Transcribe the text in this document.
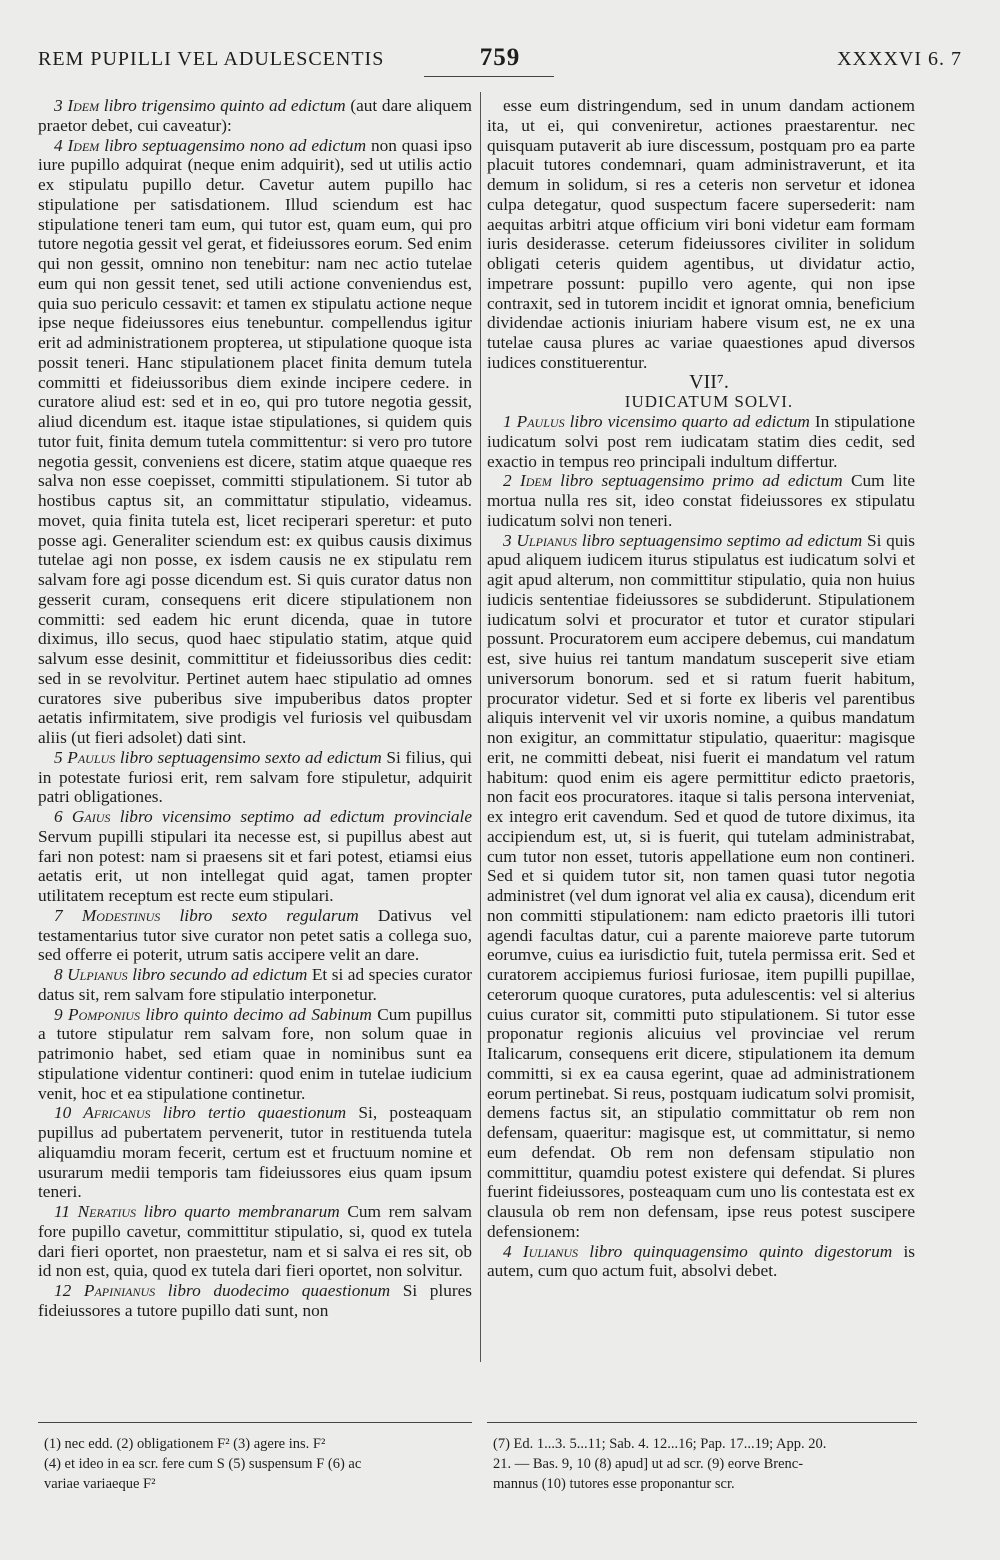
REM PUPILLI VEL ADULESCENTIS	759	XXXXVI 6. 7

3 Idem libro trigensimo quinto ad edictum (aut dare aliquem praetor debet, cui caveatur):

4 Idem libro septuagensimo nono ad edictum non quasi ipso iure pupillo adquirat (neque enim adquirit), sed ut utilis actio ex stipulatu pupillo detur. Cavetur autem pupillo hac stipulatione per satisdationem. Illud sciendum est hac stipulatione teneri tam eum, qui tutor est, quam eum, qui pro tutore negotia gessit vel gerat, et fideiussores eorum. Sed enim qui non gessit, omnino non tenebitur: nam nec actio tutelae eum qui non gessit tenet, sed utili actione conveniendus est, quia suo periculo cessavit: et tamen ex stipulatu actione neque ipse neque fideiussores eius tenebuntur. compellendus igitur erit ad administrationem propterea, ut stipulatione quoque ista possit teneri. Hanc stipulationem placet finita demum tutela committi et fideiussoribus diem exinde incipere cedere. in curatore aliud est: sed et in eo, qui pro tutore negotia gessit, aliud dicendum est. itaque istae stipulationes, si quidem quis tutor fuit, finita demum tutela committentur: si vero pro tutore negotia gessit, conveniens est dicere, statim atque quaeque res salva non esse coepisset, committi stipulationem. Si tutor ab hostibus captus sit, an committatur stipulatio, videamus. movet, quia finita tutela est, licet reciperari speretur: et puto posse agi. Generaliter sciendum est: ex quibus causis diximus tutelae agi non posse, ex isdem causis ne ex stipulatu rem salvam fore agi posse dicendum est. Si quis curator datus non gesserit curam, consequens erit dicere stipulationem non committi: sed eadem hic erunt dicenda, quae in tutore diximus, illo secus, quod haec stipulatio statim, atque quid salvum esse desinit, committitur et fideiussoribus dies cedit: sed in se revolvitur. Pertinet autem haec stipulatio ad omnes curatores sive puberibus sive impuberibus datos propter aetatis infirmitatem, sive prodigis vel furiosis vel quibusdam aliis (ut fieri adsolet) dati sint.

5 Paulus libro septuagensimo sexto ad edictum Si filius, qui in potestate furiosi erit, rem salvam fore stipuletur, adquirit patri obligationes.

6 Gaius libro vicensimo septimo ad edictum provinciale Servum pupilli stipulari ita necesse est, si pupillus abest aut fari non potest: nam si praesens sit et fari potest, etiamsi eius aetatis erit, ut non intellegat quid agat, tamen propter utilitatem receptum est recte eum stipulari.

7 Modestinus libro sexto regularum Dativus vel testamentarius tutor sive curator non petet satis a collega suo, sed offerre ei poterit, utrum satis accipere velit an dare.

8 Ulpianus libro secundo ad edictum Et si ad species curator datus sit, rem salvam fore stipulatio interponetur.

9 Pomponius libro quinto decimo ad Sabinum Cum pupillus a tutore stipulatur rem salvam fore, non solum quae in patrimonio habet, sed etiam quae in nominibus sunt ea stipulatione videntur contineri: quod enim in tutelae iudicium venit, hoc et ea stipulatione continetur.

10 Africanus libro tertio quaestionum Si, posteaquam pupillus ad pubertatem pervenerit, tutor in restituenda tutela aliquamdiu moram fecerit, certum est et fructuum nomine et usurarum medii temporis tam fideiussores eius quam ipsum teneri.

11 Neratius libro quarto membranarum Cum rem salvam fore pupillo cavetur, committitur stipulatio, si, quod ex tutela dari fieri oportet, non praestetur, nam et si salva ei res sit, ob id non est, quia, quod ex tutela dari fieri oportet, non solvitur.

12 Papinianus libro duodecimo quaestionum Si plures fideiussores a tutore pupillo dati sunt, non

esse eum distringendum, sed in unum dandam actionem ita, ut ei, qui conveniretur, actiones praestarentur. nec quisquam putaverit ab iure discessum, postquam pro ea parte placuit tutores condemnari, quam administraverunt, et ita demum in solidum, si res a ceteris non servetur et idonea culpa detegatur, quod suspectum facere supersederit: nam aequitas arbitri atque officium viri boni videtur eam formam iuris desiderasse. ceterum fideiussores civiliter in solidum obligati ceteris quidem agentibus, ut dividatur actio, impetrare possunt: pupillo vero agente, qui non ipse contraxit, sed in tutorem incidit et ignorat omnia, beneficium dividendae actionis iniuriam habere visum est, ne ex una tutelae causa plures ac variae quaestiones apud diversos iudices constituerentur.

VII⁷.

IUDICATUM SOLVI.

1 Paulus libro vicensimo quarto ad edictum In stipulatione iudicatum solvi post rem iudicatam statim dies cedit, sed exactio in tempus reo principali indultum differtur.

2 Idem libro septuagensimo primo ad edictum Cum lite mortua nulla res sit, ideo constat fideiussores ex stipulatu iudicatum solvi non teneri.

3 Ulpianus libro septuagensimo septimo ad edictum Si quis apud aliquem iudicem iturus stipulatus est iudicatum solvi et agit apud alterum, non committitur stipulatio, quia non huius iudicis sententiae fideiussores se subdiderunt. Stipulationem iudicatum solvi et procurator et tutor et curator stipulari possunt. Procuratorem eum accipere debemus, cui mandatum est, sive huius rei tantum mandatum susceperit sive etiam universorum bonorum. sed et si ratum fuerit habitum, procurator videtur. Sed et si forte ex liberis vel parentibus aliquis intervenit vel vir uxoris nomine, a quibus mandatum non exigitur, an committatur stipulatio, quaeritur: magisque erit, ne committi debeat, nisi fuerit ei mandatum vel ratum habitum: quod enim eis agere permittitur edicto praetoris, non facit eos procuratores. itaque si talis persona interveniat, ex integro erit cavendum. Sed et quod de tutore diximus, ita accipiendum est, ut, si is fuerit, qui tutelam administrabat, cum tutor non esset, tutoris appellatione eum non contineri. Sed et si quidem tutor sit, non tamen quasi tutor negotia administret (vel dum ignorat vel alia ex causa), dicendum erit non committi stipulationem: nam edicto praetoris illi tutori agendi facultas datur, cui a parente maioreve parte tutorum eorumve, cuius ea iurisdictio fuit, tutela permissa erit. Sed et curatorem accipiemus furiosi furiosae, item pupilli pupillae, ceterorum quoque curatores, puta adulescentis: vel si alterius cuius curator sit, committi puto stipulationem. Si tutor esse proponatur regionis alicuius vel provinciae vel rerum Italicarum, consequens erit dicere, stipulationem ita demum committi, si ex ea causa egerint, quae ad administrationem eorum pertinebat. Si reus, postquam iudicatum solvi promisit, demens factus sit, an stipulatio committatur ob rem non defensam, quaeritur: magisque est, ut committatur, si nemo eum defendat. Ob rem non defensam stipulatio non committitur, quamdiu potest existere qui defendat. Si plures fuerint fideiussores, posteaquam cum uno lis contestata est ex clausula ob rem non defensam, ipse reus potest suscipere defensionem:

4 Iulianus libro quinquagensimo quinto digestorum is autem, cum quo actum fuit, absolvi debet.

(1) nec edd. (2) obligationem F² (3) agere ins. F²
(4) et ideo in ea scr. fere cum S (5) suspensum F (6) ac
variae variaeque F²
(7) Ed. 1...3. 5...11; Sab. 4. 12...16; Pap. 17...19; App. 20.
21. — Bas. 9, 10 (8) apud] ut ad scr. (9) eorve Brenc-
mannus (10) tutores esse proponantur scr.
